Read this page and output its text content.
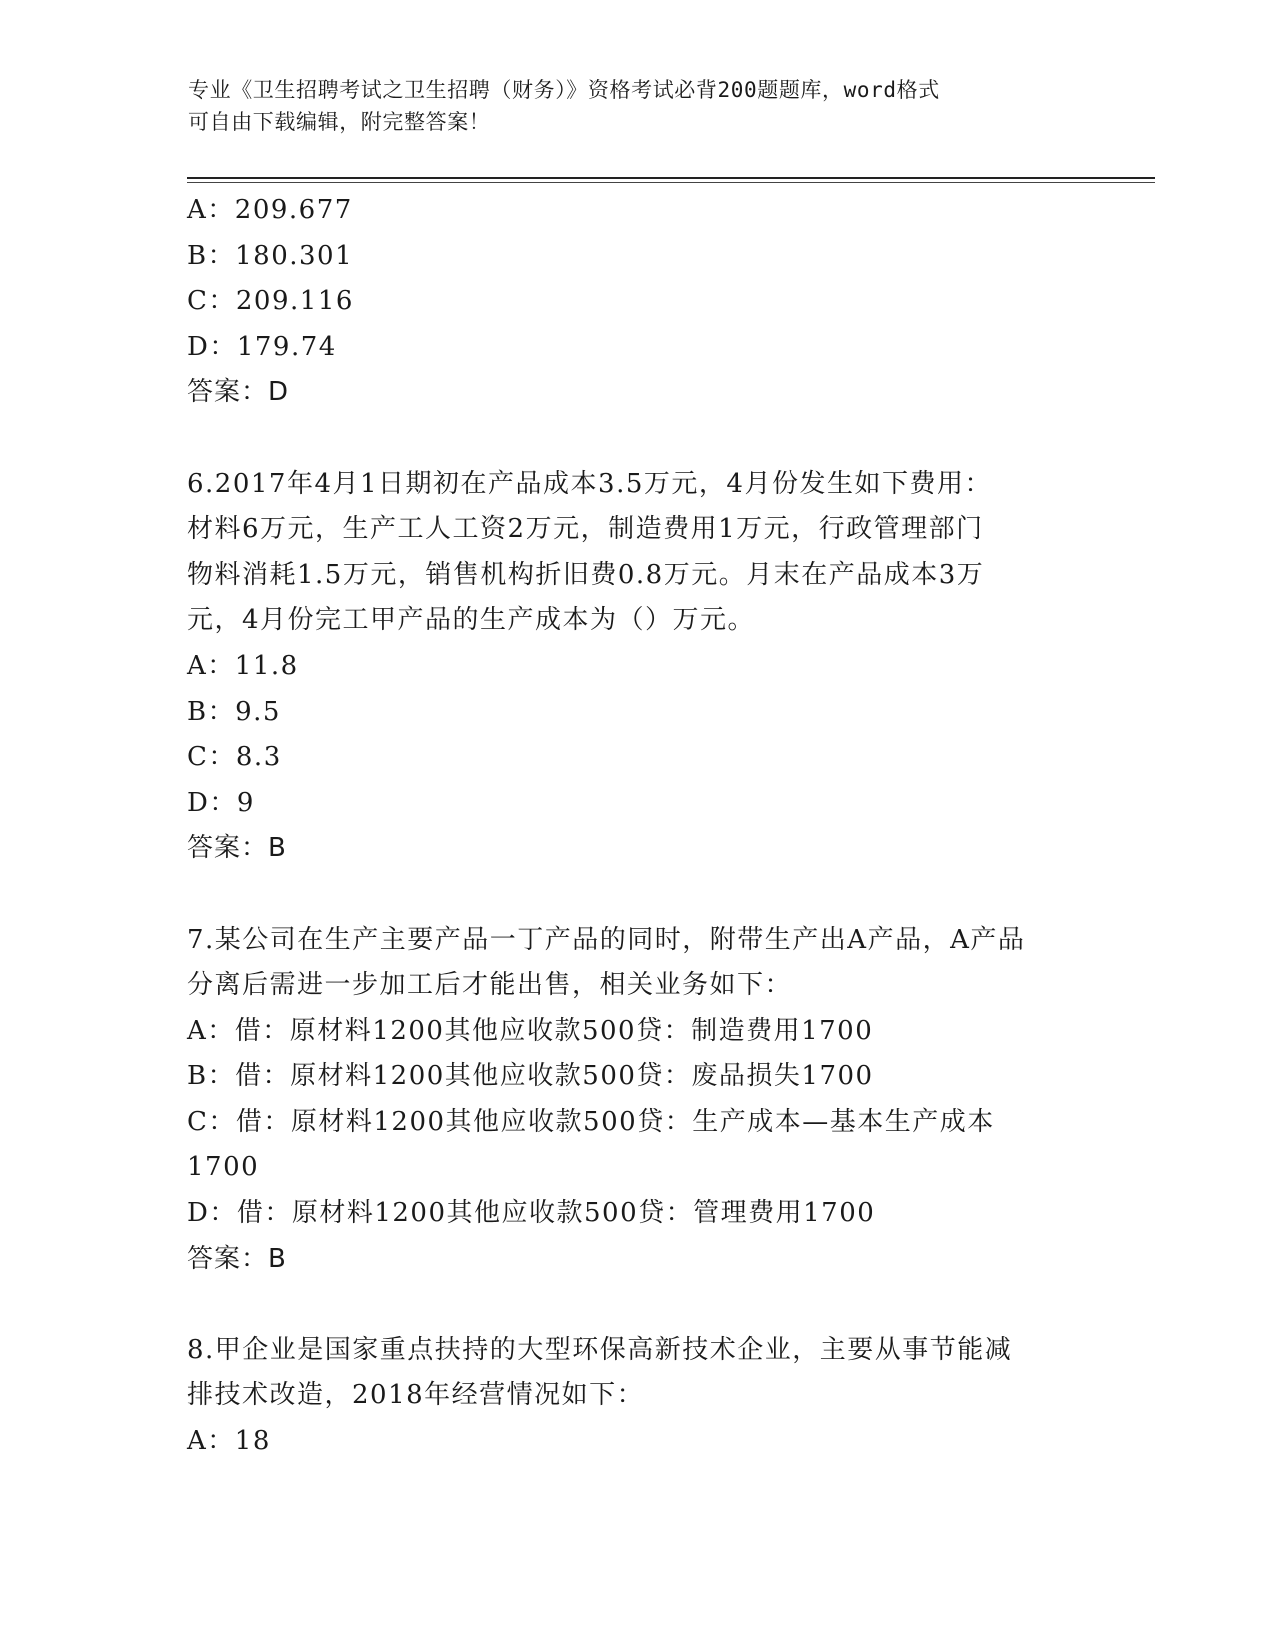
专业《卫生招聘考试之卫生招聘（财务）》资格考试必背200题题库，word格式
可自由下载编辑，附完整答案！
A：209.677
B：180.301
C：209.116
D：179.74
答案：D
6.2017年4月1日期初在产品成本3.5万元，4月份发生如下费用：
材料6万元，生产工人工资2万元，制造费用1万元，行政管理部门
物料消耗1.5万元，销售机构折旧费0.8万元。月末在产品成本3万
元，4月份完工甲产品的生产成本为（）万元。
A：11.8
B：9.5
C：8.3
D：9
答案：B
7.某公司在生产主要产品一丁产品的同时，附带生产出A产品，A产品
分离后需进一步加工后才能出售，相关业务如下：
A：借：原材料1200其他应收款500贷：制造费用1700
B：借：原材料1200其他应收款500贷：废品损失1700
C：借：原材料1200其他应收款500贷：生产成本—基本生产成本
1700
D：借：原材料1200其他应收款500贷：管理费用1700
答案：B
8.甲企业是国家重点扶持的大型环保高新技术企业，主要从事节能减
排技术改造，2018年经营情况如下：
A：18
